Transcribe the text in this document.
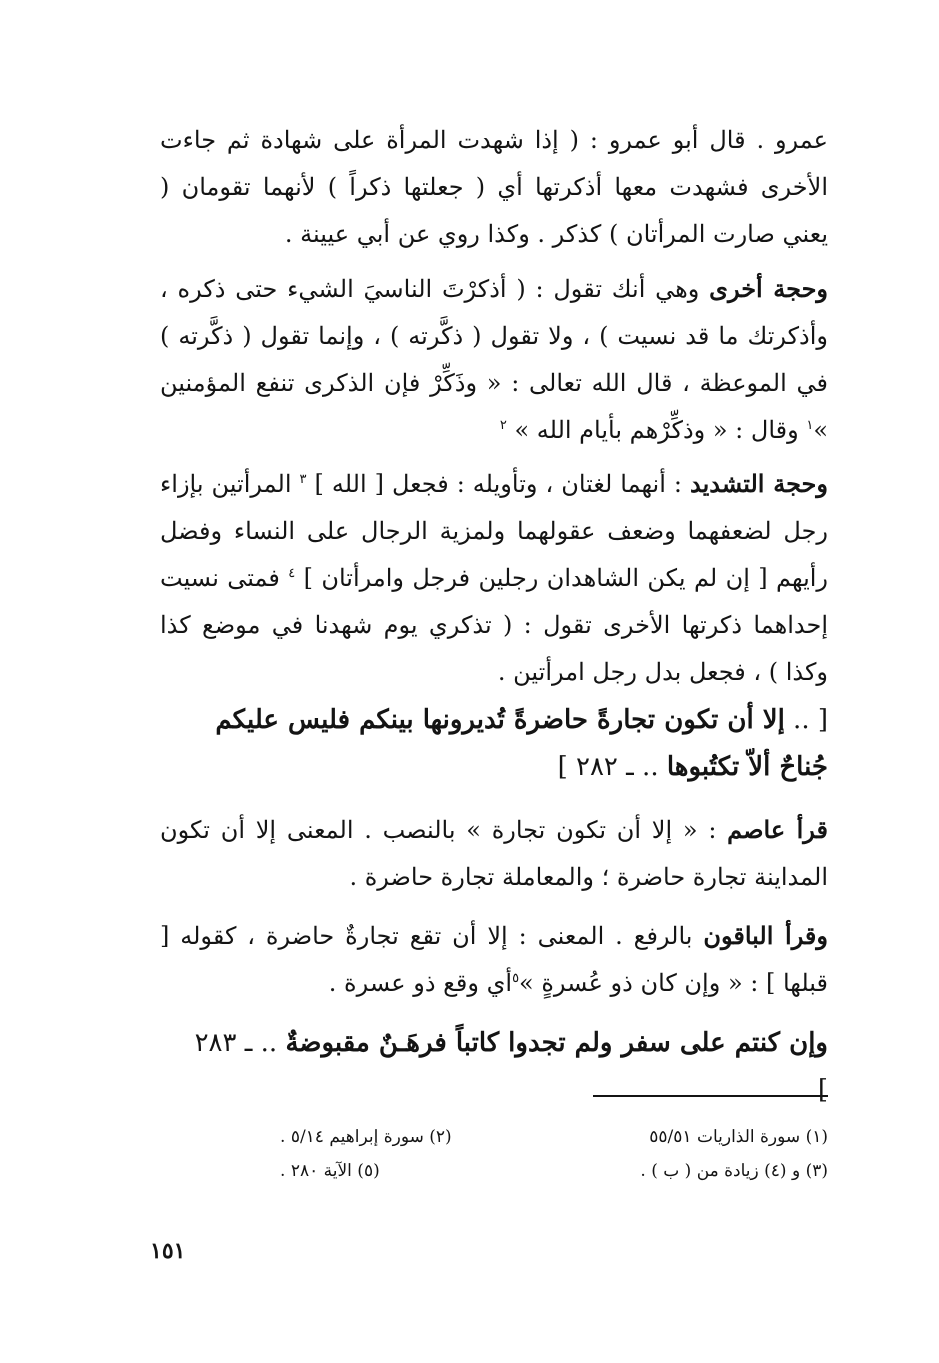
عمرو . قال أبو عمرو : ( إذا شهدت المرأة على شهادة ثم جاءت الأخرى فشهدت معها أذكرتها أي ( جعلتها ذكراً ) لأنهما تقومان ( يعني صارت المرأتان ) كذكر . وكذا روي عن أبي عيينة .

وحجة أخرى وهي أنك تقول : ( أذكرْتَ الناسيَ الشيء حتى ذكره ، وأذكرتك ما قد نسيت ) ، ولا تقول ( ذكَّرته ) ، وإنما تقول ( ذكَّرته ) في الموعظة ، قال الله تعالى : « وذَكِّرْ فإن الذكرى تنفع المؤمنين »$^١$ وقال : « وذكِّرْهم بأيام الله » $^٢$

وحجة التشديد : أنهما لغتان ، وتأويله : فجعل [ الله ] $^٣$ المرأتين بإزاء رجل لضعفهما وضعف عقولهما ولمزية الرجال على النساء وفضل رأيهم [ إن لم يكن الشاهدان رجلين فرجل وامرأتان ] $^٤$ فمتى نسيت إحداهما ذكرتها الأخرى تقول : ( تذكري يوم شهدنا في موضع كذا وكذا ) ، فجعل بدل رجل امرأتين .

[ .. إلا أن تكون تجارةً حاضرةً تُديرونها بينكم فليس عليكم جُناحٌ ألاّ تكتُبوها .. ـ ٢٨٢ ]

قرأ عاصم : « إلا أن تكون تجارة » بالنصب . المعنى إلا أن تكون المداينة تجارة حاضرة ؛ والمعاملة تجارة حاضرة .

وقرأ الباقون بالرفع . المعنى : إلا أن تقع تجارةٌ حاضرة ، كقوله [ قبلها ] : « وإن كان ذو عُسرةٍ »$^٥$أي وقع ذو عسرة .

وإن كنتم على سفر ولم تجدوا كاتباً فرهَـنٌ مقبوضةٌ .. ـ ٢٨٣ ]

(١) سورة الذاريات ٥٥/٥١
(٢) سورة إبراهيم ٥/١٤ .
(٣) و (٤) زيادة من ( ب ) .
(٥) الآية ٢٨٠ .
١٥١
